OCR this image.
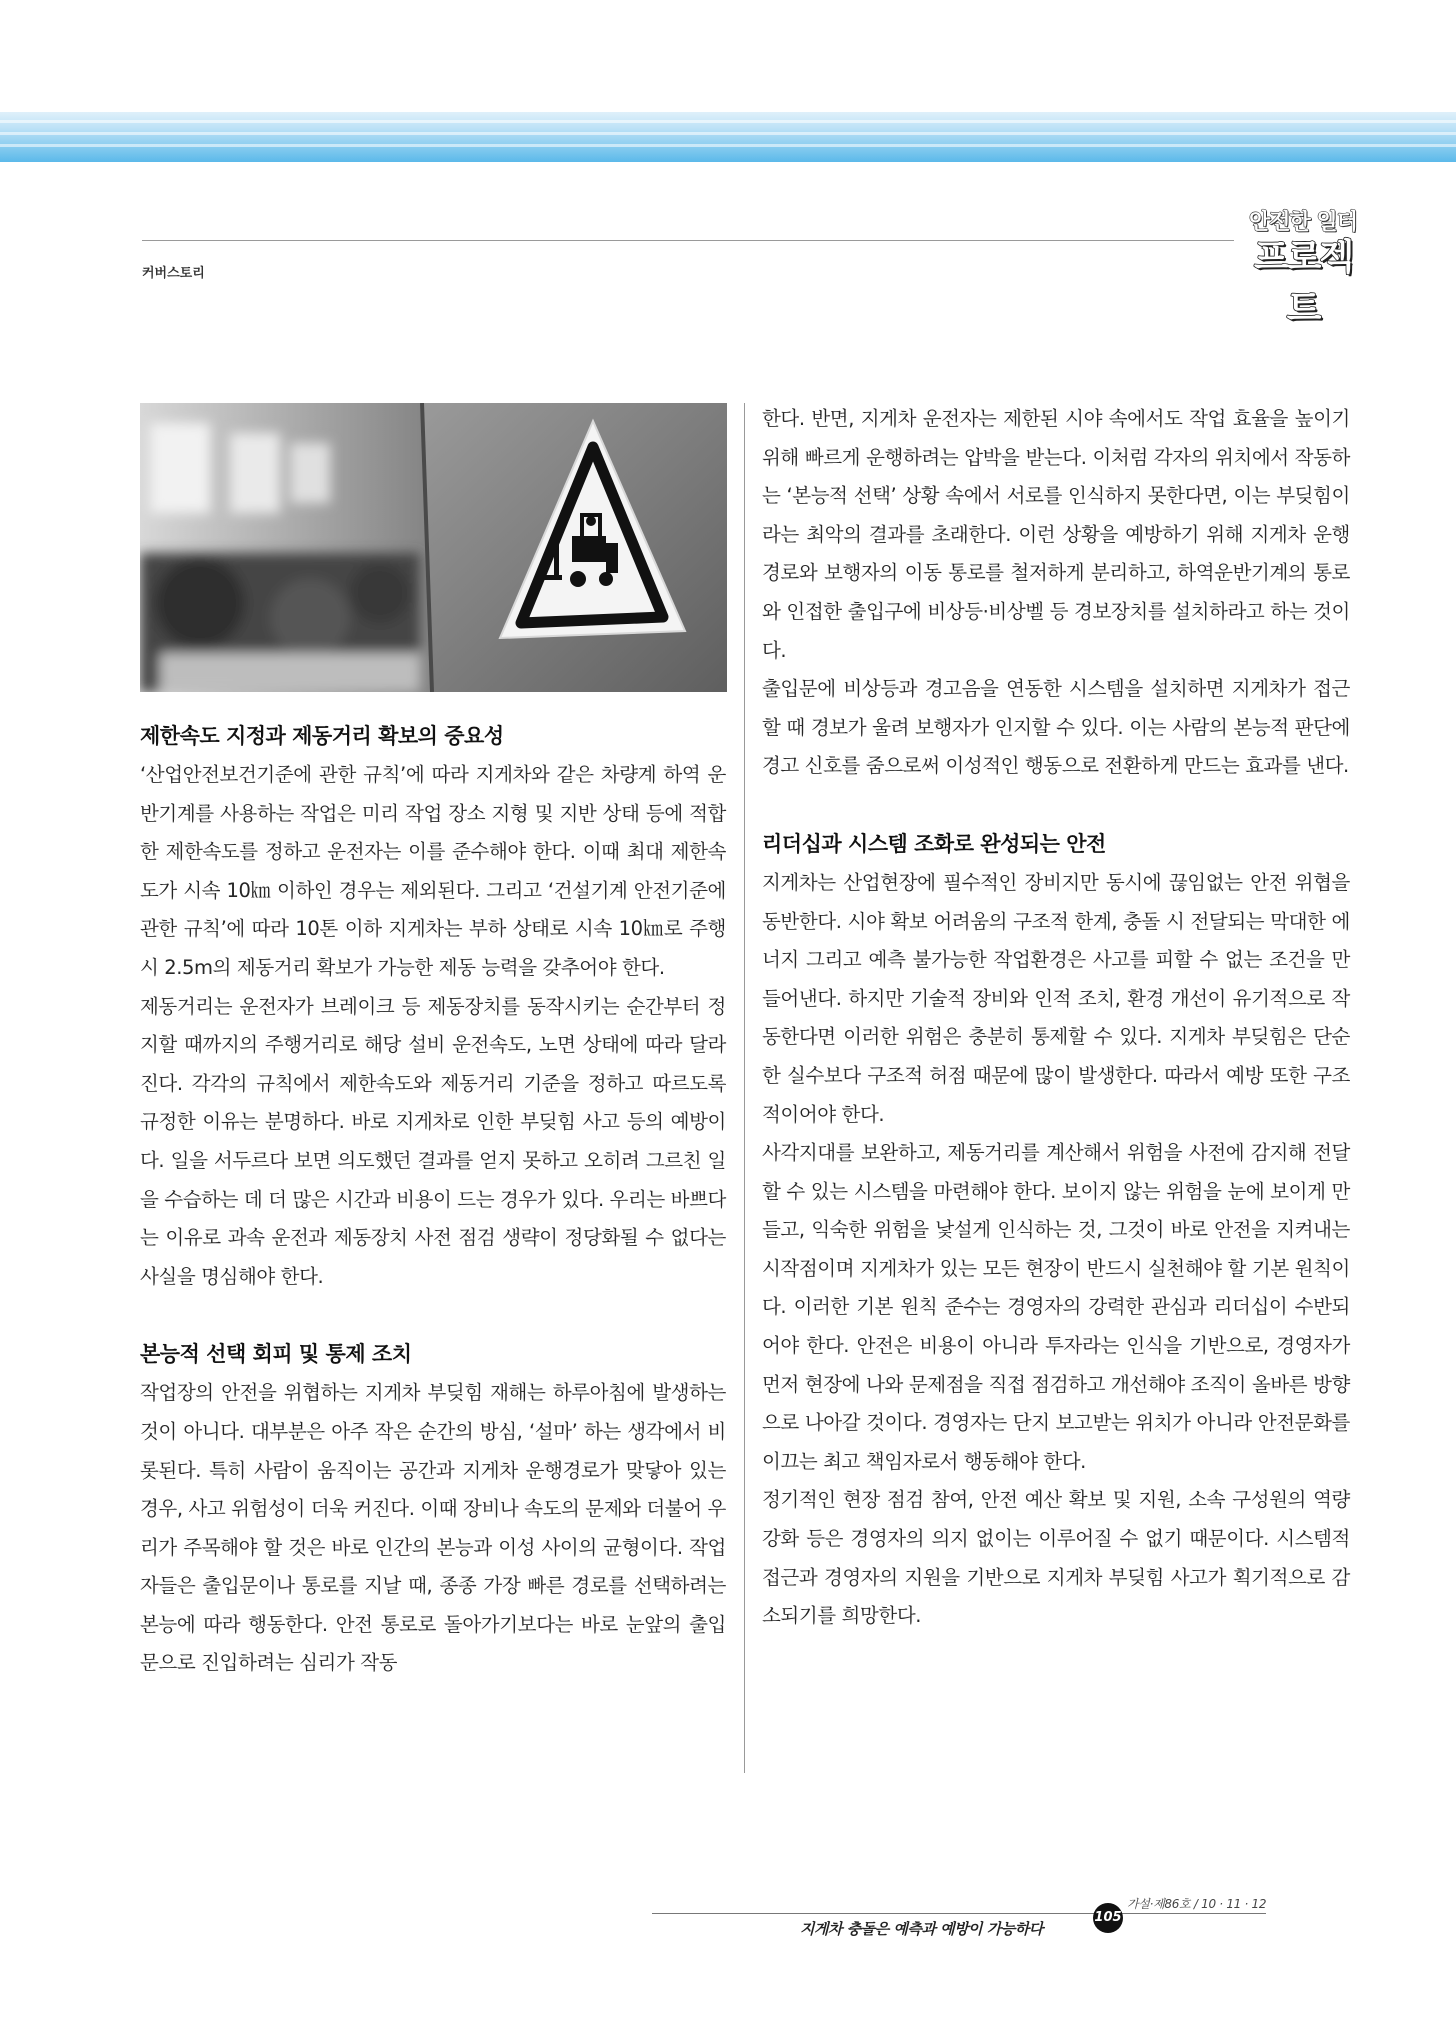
커버스토리
안전한 일터
프로젝트
제한속도 지정과 제동거리 확보의 중요성

‘산업안전보건기준에 관한 규칙’에 따라 지게차와 같은 차량계 하역 운반기계를 사용하는 작업은 미리 작업 장소 지형 및 지반 상태 등에 적합한 제한속도를 정하고 운전자는 이를 준수해야 한다. 이때 최대 제한속도가 시속 10㎞ 이하인 경우는 제외된다. 그리고 ‘건설기계 안전기준에 관한 규칙’에 따라 10톤 이하 지게차는 부하 상태로 시속 10㎞로 주행 시 2.5m의 제동거리 확보가 가능한 제동 능력을 갖추어야 한다.

제동거리는 운전자가 브레이크 등 제동장치를 동작시키는 순간부터 정지할 때까지의 주행거리로 해당 설비 운전속도, 노면 상태에 따라 달라진다. 각각의 규칙에서 제한속도와 제동거리 기준을 정하고 따르도록 규정한 이유는 분명하다. 바로 지게차로 인한 부딪힘 사고 등의 예방이다. 일을 서두르다 보면 의도했던 결과를 얻지 못하고 오히려 그르친 일을 수습하는 데 더 많은 시간과 비용이 드는 경우가 있다. 우리는 바쁘다는 이유로 과속 운전과 제동장치 사전 점검 생략이 정당화될 수 없다는 사실을 명심해야 한다.

본능적 선택 회피 및 통제 조치

작업장의 안전을 위협하는 지게차 부딪힘 재해는 하루아침에 발생하는 것이 아니다. 대부분은 아주 작은 순간의 방심, ‘설마’ 하는 생각에서 비롯된다. 특히 사람이 움직이는 공간과 지게차 운행경로가 맞닿아 있는 경우, 사고 위험성이 더욱 커진다. 이때 장비나 속도의 문제와 더불어 우리가 주목해야 할 것은 바로 인간의 본능과 이성 사이의 균형이다. 작업자들은 출입문이나 통로를 지날 때, 종종 가장 빠른 경로를 선택하려는 본능에 따라 행동한다. 안전 통로로 돌아가기보다는 바로 눈앞의 출입문으로 진입하려는 심리가 작동

한다. 반면, 지게차 운전자는 제한된 시야 속에서도 작업 효율을 높이기 위해 빠르게 운행하려는 압박을 받는다. 이처럼 각자의 위치에서 작동하는 ‘본능적 선택’ 상황 속에서 서로를 인식하지 못한다면, 이는 부딪힘이라는 최악의 결과를 초래한다. 이런 상황을 예방하기 위해 지게차 운행경로와 보행자의 이동 통로를 철저하게 분리하고, 하역운반기계의 통로와 인접한 출입구에 비상등·비상벨 등 경보장치를 설치하라고 하는 것이다.

출입문에 비상등과 경고음을 연동한 시스템을 설치하면 지게차가 접근할 때 경보가 울려 보행자가 인지할 수 있다. 이는 사람의 본능적 판단에 경고 신호를 줌으로써 이성적인 행동으로 전환하게 만드는 효과를 낸다.

리더십과 시스템 조화로 완성되는 안전

지게차는 산업현장에 필수적인 장비지만 동시에 끊임없는 안전 위협을 동반한다. 시야 확보 어려움의 구조적 한계, 충돌 시 전달되는 막대한 에너지 그리고 예측 불가능한 작업환경은 사고를 피할 수 없는 조건을 만들어낸다. 하지만 기술적 장비와 인적 조치, 환경 개선이 유기적으로 작동한다면 이러한 위험은 충분히 통제할 수 있다. 지게차 부딪힘은 단순한 실수보다 구조적 허점 때문에 많이 발생한다. 따라서 예방 또한 구조적이어야 한다.

사각지대를 보완하고, 제동거리를 계산해서 위험을 사전에 감지해 전달할 수 있는 시스템을 마련해야 한다. 보이지 않는 위험을 눈에 보이게 만들고, 익숙한 위험을 낯설게 인식하는 것, 그것이 바로 안전을 지켜내는 시작점이며 지게차가 있는 모든 현장이 반드시 실천해야 할 기본 원칙이다. 이러한 기본 원칙 준수는 경영자의 강력한 관심과 리더십이 수반되어야 한다. 안전은 비용이 아니라 투자라는 인식을 기반으로, 경영자가 먼저 현장에 나와 문제점을 직접 점검하고 개선해야 조직이 올바른 방향으로 나아갈 것이다. 경영자는 단지 보고받는 위치가 아니라 안전문화를 이끄는 최고 책임자로서 행동해야 한다.

정기적인 현장 점검 참여, 안전 예산 확보 및 지원, 소속 구성원의 역량 강화 등은 경영자의 의지 없이는 이루어질 수 없기 때문이다. 시스템적 접근과 경영자의 지원을 기반으로 지게차 부딪힘 사고가 획기적으로 감소되기를 희망한다.

105
가설·제86호 / 10 · 11 · 12
지게차 충돌은 예측과 예방이 가능하다
